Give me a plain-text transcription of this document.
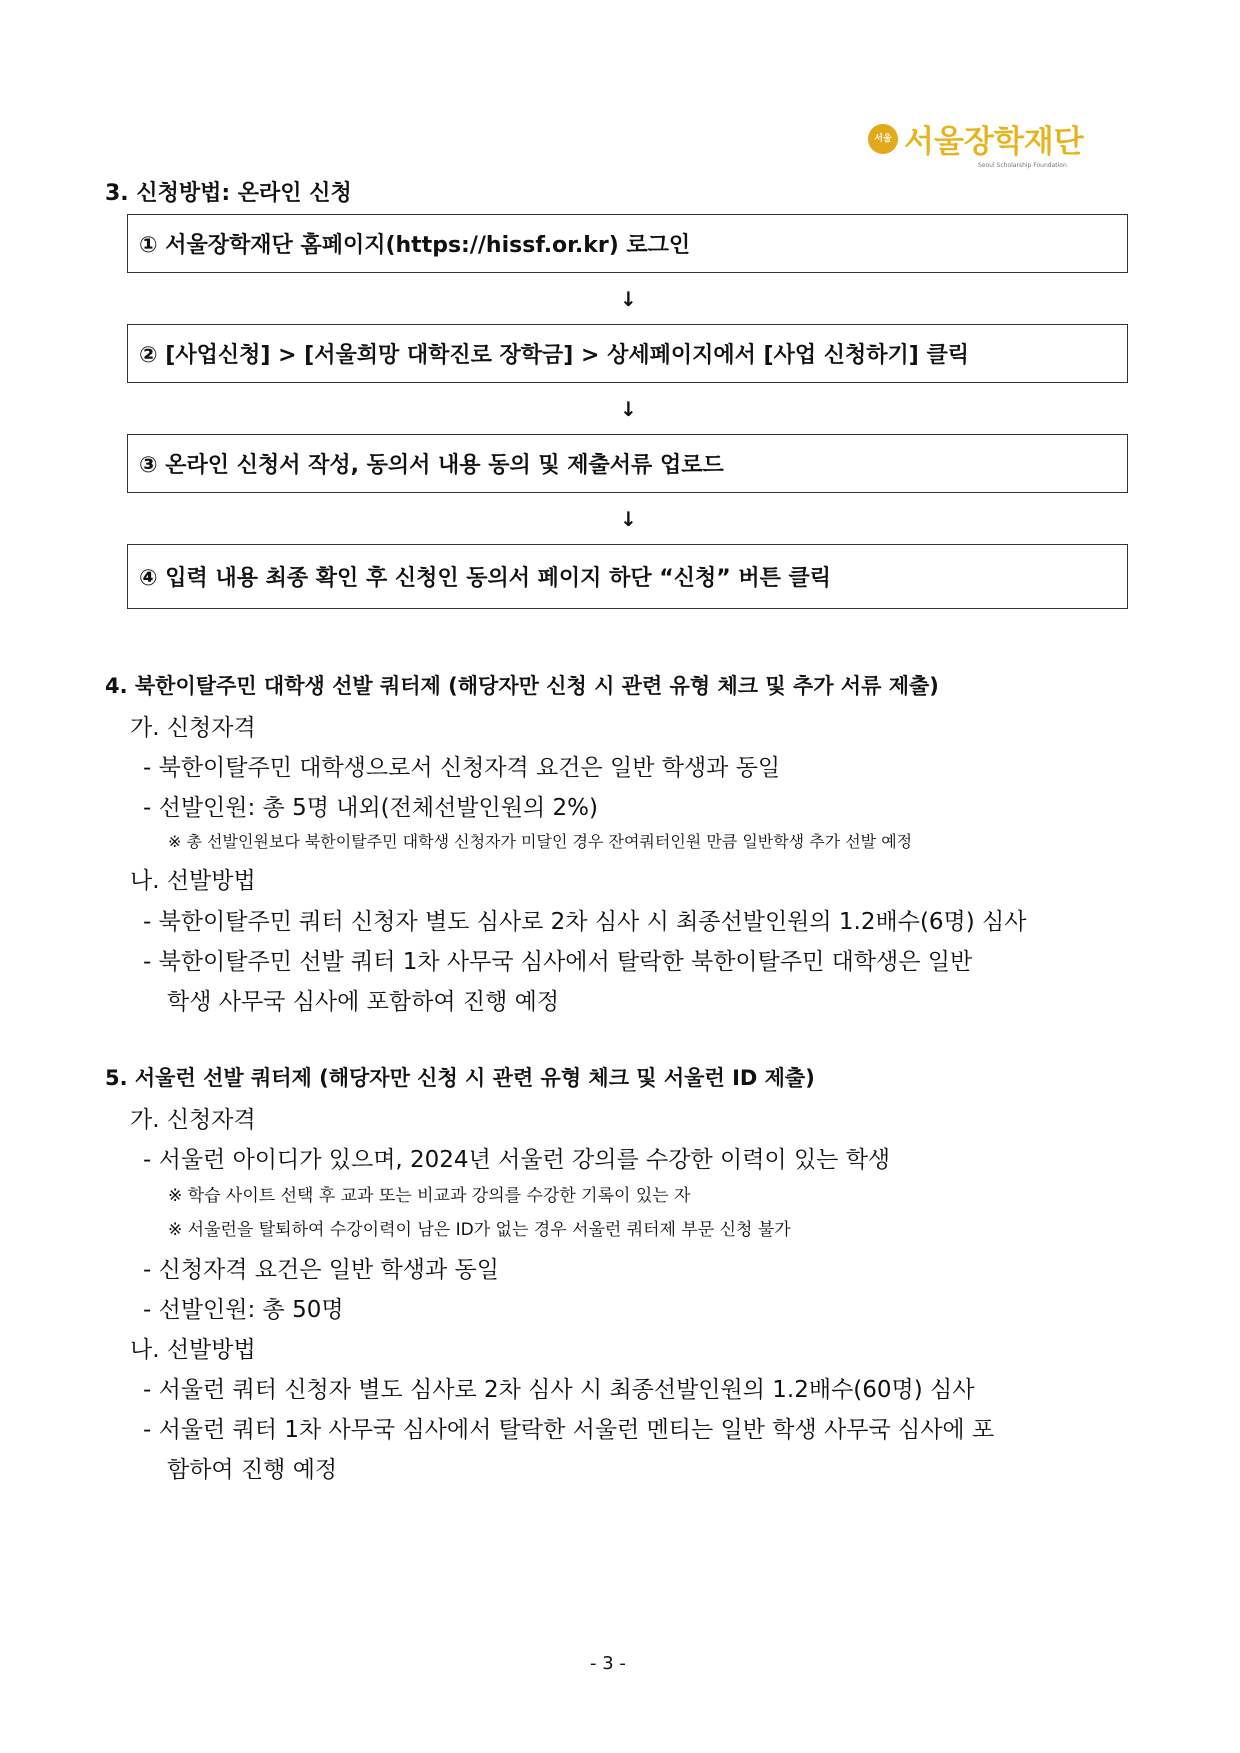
서울 서울장학재단
Seoul Scholarship Foundation
3. 신청방법: 온라인 신청
① 서울장학재단 홈페이지(https://hissf.or.kr) 로그인
↓
② [사업신청] > [서울희망 대학진로 장학금] > 상세페이지에서 [사업 신청하기] 클릭
↓
③ 온라인 신청서 작성, 동의서 내용 동의 및 제출서류 업로드
↓
④ 입력 내용 최종 확인 후 신청인 동의서 페이지 하단 “신청” 버튼 클릭
4. 북한이탈주민 대학생 선발 쿼터제 (해당자만 신청 시 관련 유형 체크 및 추가 서류 제출)
가. 신청자격
- 북한이탈주민 대학생으로서 신청자격 요건은 일반 학생과 동일
- 선발인원: 총 5명 내외(전체선발인원의 2%)
※ 총 선발인원보다 북한이탈주민 대학생 신청자가 미달인 경우 잔여쿼터인원 만큼 일반학생 추가 선발 예정
나. 선발방법
- 북한이탈주민 쿼터 신청자 별도 심사로 2차 심사 시 최종선발인원의 1.2배수(6명) 심사
- 북한이탈주민 선발 쿼터 1차 사무국 심사에서 탈락한 북한이탈주민 대학생은 일반
학생 사무국 심사에 포함하여 진행 예정
5. 서울런 선발 쿼터제 (해당자만 신청 시 관련 유형 체크 및 서울런 ID 제출)
가. 신청자격
- 서울런 아이디가 있으며, 2024년 서울런 강의를 수강한 이력이 있는 학생
※ 학습 사이트 선택 후 교과 또는 비교과 강의를 수강한 기록이 있는 자
※ 서울런을 탈퇴하여 수강이력이 남은 ID가 없는 경우 서울런 쿼터제 부문 신청 불가
- 신청자격 요건은 일반 학생과 동일
- 선발인원: 총 50명
나. 선발방법
- 서울런 쿼터 신청자 별도 심사로 2차 심사 시 최종선발인원의 1.2배수(60명) 심사
- 서울런 쿼터 1차 사무국 심사에서 탈락한 서울런 멘티는 일반 학생 사무국 심사에 포
함하여 진행 예정
- 3 -
